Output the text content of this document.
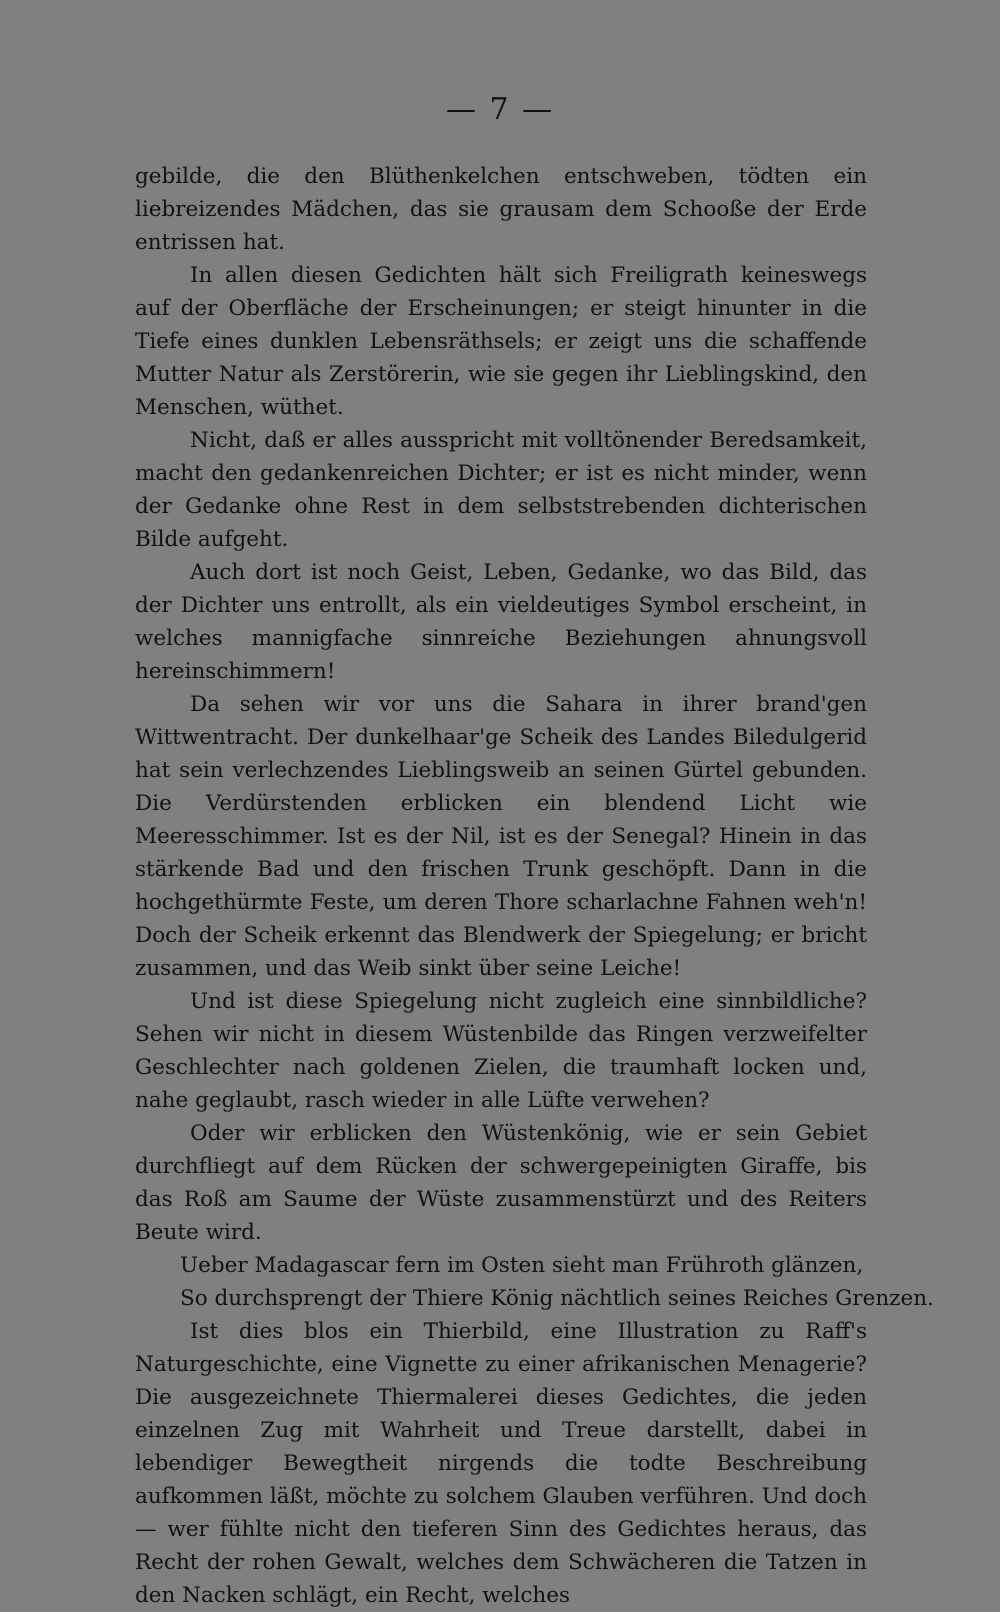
— 7 —

gebilde, die den Blüthenkelchen entschweben, tödten ein liebreizendes Mädchen, das sie grausam dem Schooße der Erde entrissen hat.

In allen diesen Gedichten hält sich Freiligrath keineswegs auf der Oberfläche der Erscheinungen; er steigt hinunter in die Tiefe eines dunklen Lebensräthsels; er zeigt uns die schaffende Mutter Natur als Zerstörerin, wie sie gegen ihr Lieblingskind, den Menschen, wüthet.

Nicht, daß er alles ausspricht mit volltönender Beredsamkeit, macht den gedankenreichen Dichter; er ist es nicht minder, wenn der Gedanke ohne Rest in dem selbststrebenden dichterischen Bilde aufgeht.

Auch dort ist noch Geist, Leben, Gedanke, wo das Bild, das der Dichter uns entrollt, als ein vieldeutiges Symbol erscheint, in welches mannigfache sinnreiche Beziehungen ahnungsvoll hereinschimmern!

Da sehen wir vor uns die Sahara in ihrer brand'gen Wittwentracht. Der dunkelhaar'ge Scheik des Landes Biledulgerid hat sein verlechzendes Lieblingsweib an seinen Gürtel gebunden. Die Verdürstenden erblicken ein blendend Licht wie Meeresschimmer. Ist es der Nil, ist es der Senegal? Hinein in das stärkende Bad und den frischen Trunk geschöpft. Dann in die hochgethürmte Feste, um deren Thore scharlachne Fahnen weh'n! Doch der Scheik erkennt das Blendwerk der Spiegelung; er bricht zusammen, und das Weib sinkt über seine Leiche!

Und ist diese Spiegelung nicht zugleich eine sinnbildliche? Sehen wir nicht in diesem Wüstenbilde das Ringen verzweifelter Geschlechter nach goldenen Zielen, die traumhaft locken und, nahe geglaubt, rasch wieder in alle Lüfte verwehen?

Oder wir erblicken den Wüstenkönig, wie er sein Gebiet durchfliegt auf dem Rücken der schwergepeinigten Giraffe, bis das Roß am Saume der Wüste zusammenstürzt und des Reiters Beute wird.

Ueber Madagascar fern im Osten sieht man Frühroth glänzen,
So durchsprengt der Thiere König nächtlich seines Reiches Grenzen.

Ist dies blos ein Thierbild, eine Illustration zu Raff's Naturgeschichte, eine Vignette zu einer afrikanischen Menagerie? Die ausgezeichnete Thiermalerei dieses Gedichtes, die jeden einzelnen Zug mit Wahrheit und Treue darstellt, dabei in lebendiger Bewegtheit nirgends die todte Beschreibung aufkommen läßt, möchte zu solchem Glauben verführen. Und doch — wer fühlte nicht den tieferen Sinn des Gedichtes heraus, das Recht der rohen Gewalt, welches dem Schwächeren die Tatzen in den Nacken schlägt, ein Recht, welches
